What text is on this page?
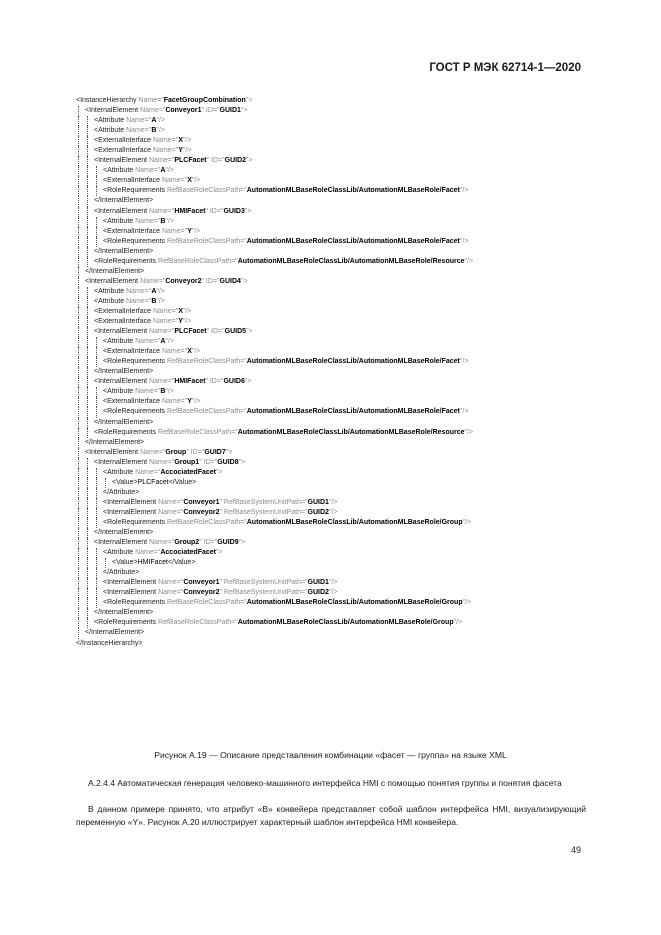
ГОСТ Р МЭК 62714-1—2020
<InstanceHierarchy Name="FacetGroupCombination">
<InternalElement Name="Conveyor1" ID="GUID1">
<Attribute Name="A"/>
<Attribute Name="B"/>
<ExternalInterface Name="X"/>
<ExternalInterface Name="Y"/>
<InternalElement Name="PLCFacet" ID="GUID2">
<Attribute Name="A"/>
<ExternalInterface Name="X"/>
<RoleRequirements RefBaseRoleClassPath="AutomationMLBaseRoleClassLib/AutomationMLBaseRole/Facet"/>
</InternalElement>
<InternalElement Name="HMIFacet" ID="GUID3">
<Attribute Name="B"/>
<ExternalInterface Name="Y"/>
<RoleRequirements RefBaseRoleClassPath="AutomationMLBaseRoleClassLib/AutomationMLBaseRole/Facet"/>
</InternalElement>
<RoleRequirements RefBaseRoleClassPath="AutomationMLBaseRoleClassLib/AutomationMLBaseRole/Resource"/>
</InternalElement>
<InternalElement Name="Conveyor2" ID="GUID4">
<Attribute Name="A"/>
<Attribute Name="B"/>
<ExternalInterface Name="X"/>
<ExternalInterface Name="Y"/>
<InternalElement Name="PLCFacet" ID="GUID5">
<Attribute Name="A"/>
<ExternalInterface Name="X"/>
<RoleRequirements RefBaseRoleClassPath="AutomationMLBaseRoleClassLib/AutomationMLBaseRole/Facet"/>
</InternalElement>
<InternalElement Name="HMIFacet" ID="GUID6">
<Attribute Name="B"/>
<ExternalInterface Name="Y"/>
<RoleRequirements RefBaseRoleClassPath="AutomationMLBaseRoleClassLib/AutomationMLBaseRole/Facet"/>
</InternalElement>
<RoleRequirements RefBaseRoleClassPath="AutomationMLBaseRoleClassLib/AutomationMLBaseRole/Resource"/>
</InternalElement>
<InternalElement Name="Group" ID="GUID7">
<InternalElement Name="Group1" ID="GUID8">
<Attribute Name="AccociatedFacet">
<Value>PLCFacet</Value>
</Attribute>
<InternalElement Name="Conveyor1" RefBaseSystemUnitPath="GUID1"/>
<InternalElement Name="Conveyor2" RefBaseSystemUnitPath="GUID2"/>
<RoleRequirements RefBaseRoleClassPath="AutomationMLBaseRoleClassLib/AutomationMLBaseRole/Group"/>
</InternalElement>
<InternalElement Name="Group2" ID="GUID9">
<Attribute Name="AccociatedFacet">
<Value>HMIFacet</Value>
</Attribute>
<InternalElement Name="Conveyor1" RefBaseSystemUnitPath="GUID1"/>
<InternalElement Name="Conveyor2" RefBaseSystemUnitPath="GUID2"/>
<RoleRequirements RefBaseRoleClassPath="AutomationMLBaseRoleClassLib/AutomationMLBaseRole/Group"/>
</InternalElement>
<RoleRequirements RefBaseRoleClassPath="AutomationMLBaseRoleClassLib/AutomationMLBaseRole/Group"/>
</InternalElement>
</InstanceHierarchy>
Рисунок А.19 — Описание представления комбинации «фасет — группа» на языке XML
А.2.4.4 Автоматическая генерация человеко-машинного интерфейса HMI с помощью понятия группы и понятия фасета
В данном примере принято, что атрибут «В» конвейера представляет собой шаблон интерфейса HMI, визуализирующий переменную «Y». Рисунок А.20 иллюстрирует характерный шаблон интерфейса HMI конвейера.
49
